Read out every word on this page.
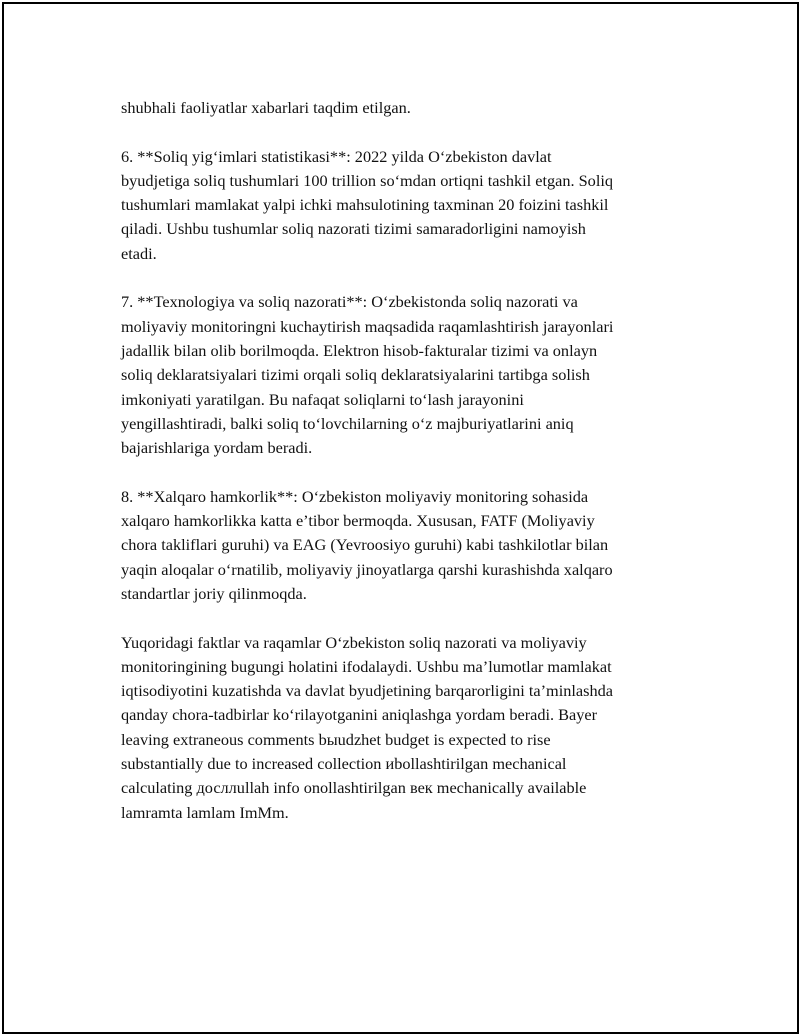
shubhali faoliyatlar xabarlari taqdim etilgan.
6. **Soliq yig‘imlari statistikasi**: 2022 yilda O‘zbekiston davlat
byudjetiga soliq tushumlari 100 trillion so‘mdan ortiqni tashkil etgan. Soliq
tushumlari mamlakat yalpi ichki mahsulotining taxminan 20 foizini tashkil
qiladi. Ushbu tushumlar soliq nazorati tizimi samaradorligini namoyish
etadi.
7. **Texnologiya va soliq nazorati**: O‘zbekistonda soliq nazorati va
moliyaviy monitoringni kuchaytirish maqsadida raqamlashtirish jarayonlari
jadallik bilan olib borilmoqda. Elektron hisob-fakturalar tizimi va onlayn
soliq deklaratsiyalari tizimi orqali soliq deklaratsiyalarini tartibga solish
imkoniyati yaratilgan. Bu nafaqat soliqlarni to‘lash jarayonini
yengillashtiradi, balki soliq to‘lovchilarning o‘z majburiyatlarini aniq
bajarishlariga yordam beradi.
8. **Xalqaro hamkorlik**: O‘zbekiston moliyaviy monitoring sohasida
xalqaro hamkorlikka katta e’tibor bermoqda. Xususan, FATF (Moliyaviy
chora takliflari guruhi) va EAG (Yevroosiyo guruhi) kabi tashkilotlar bilan
yaqin aloqalar o‘rnatilib, moliyaviy jinoyatlarga qarshi kurashishda xalqaro
standartlar joriy qilinmoqda.
Yuqoridagi faktlar va raqamlar O‘zbekiston soliq nazorati va moliyaviy
monitoringining bugungi holatini ifodalaydi. Ushbu ma’lumotlar mamlakat
iqtisodiyotini kuzatishda va davlat byudjetining barqarorligini ta’minlashda
qanday chora-tadbirlar ko‘rilayotganini aniqlashga yordam beradi. Bayer
leaving extraneous comments bыudzhet budget is expected to rise
substantially due to increased collection иbollashtirilgan mechanical
calculating досллullah info onollashtirilgan век mechanically available
lamramta lamlam ImMm.
